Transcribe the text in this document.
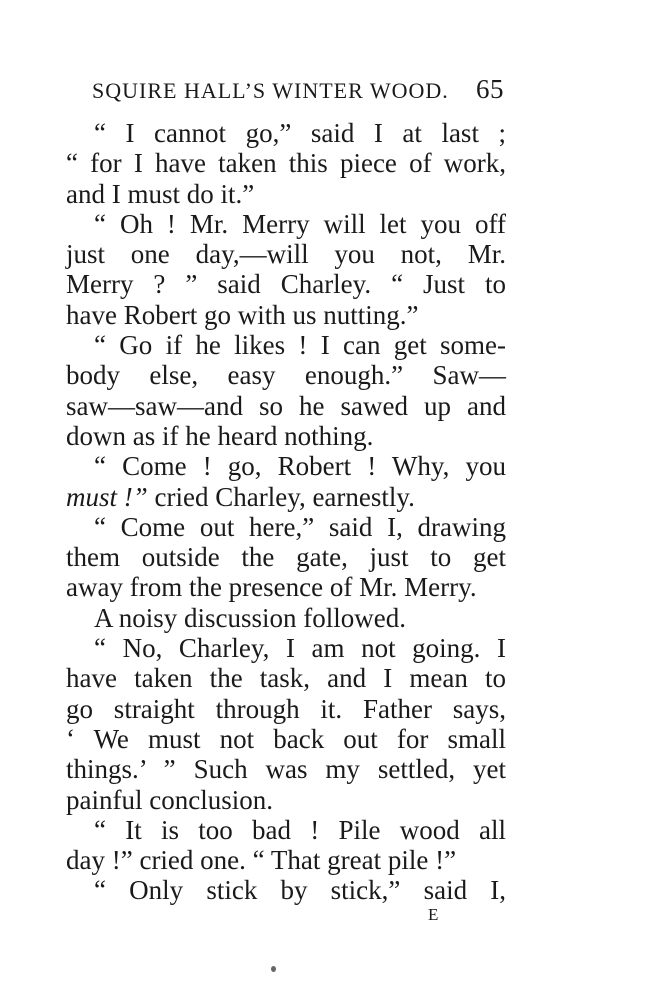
SQUIRE HALL’S WINTER WOOD. 65
“ I cannot go,” said I at last ;
“ for I have taken this piece of work,
and I must do it.”
“ Oh ! Mr. Merry will let you off
just one day,—will you not, Mr.
Merry ? ” said Charley. “ Just to
have Robert go with us nutting.”
“ Go if he likes ! I can get some-
body else, easy enough.” Saw—
saw—saw—and so he sawed up and
down as if he heard nothing.
“ Come ! go, Robert ! Why, you
must !” cried Charley, earnestly.
“ Come out here,” said I, drawing
them outside the gate, just to get
away from the presence of Mr. Merry.
A noisy discussion followed.
“ No, Charley, I am not going. I
have taken the task, and I mean to
go straight through it. Father says,
‘ We must not back out for small
things.’ ” Such was my settled, yet
painful conclusion.
“ It is too bad ! Pile wood all
day !” cried one. “ That great pile !”
“ Only stick by stick,” said I,
E
